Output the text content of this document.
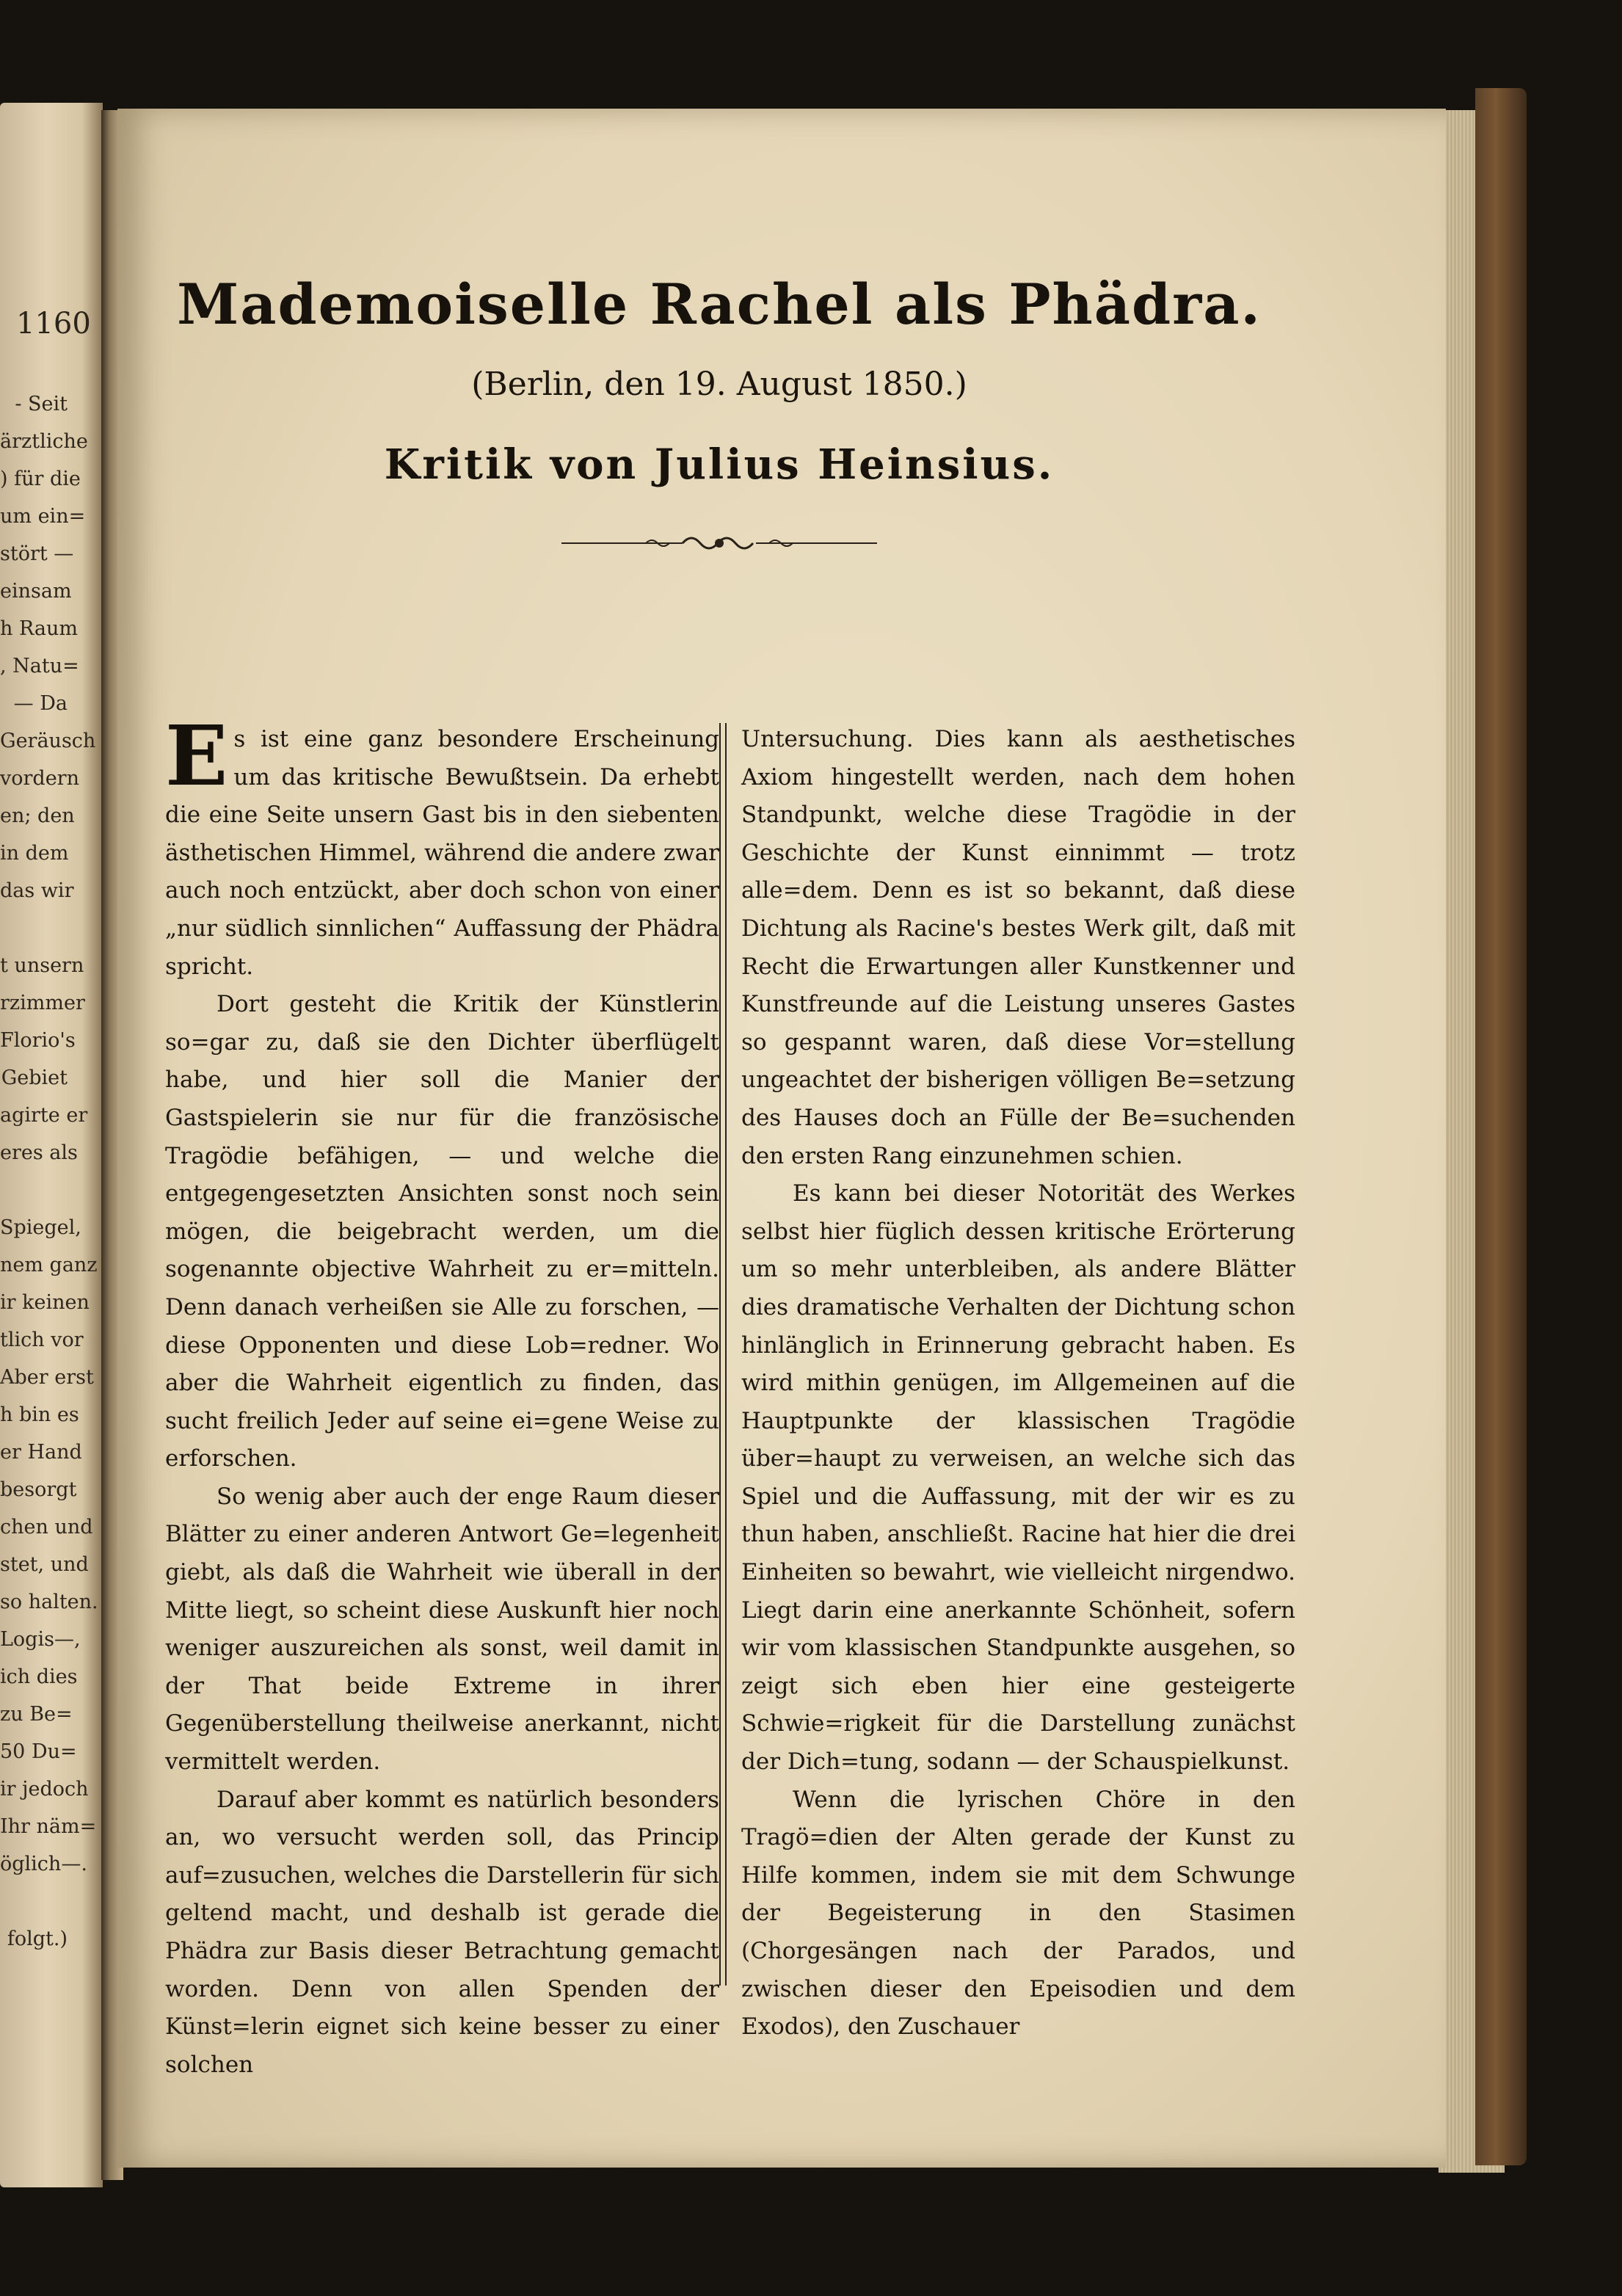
1160
- Seit
ärztliche
) für die
um ein=
stört —
einsam
h Raum
, Natu=
— Da
Geräusch
vordern
en; den
in dem
das wir

t unsern
rzimmer
Florio's
Gebiet
agirte er
eres als

Spiegel,
nem ganz
ir keinen
tlich vor
Aber erst
h bin es
er Hand
besorgt
chen und
stet, und
so halten.
Logis—,
ich dies
zu Be=
50 Du=
ir jedoch
Ihr näm=
öglich—.

folgt.)
Mademoiselle Rachel als Phädra.
(Berlin, den 19. August 1850.)
Kritik von Julius Heinsius.

Es ist eine ganz besondere Erscheinung um das kritische Bewußtsein. Da erhebt die eine Seite unsern Gast bis in den siebenten ästhetischen Himmel, während die andere zwar auch noch entzückt, aber doch schon von einer „nur südlich sinnlichen“ Auffassung der Phädra spricht.

Dort gesteht die Kritik der Künstlerin so=gar zu, daß sie den Dichter überflügelt habe, und hier soll die Manier der Gastspielerin sie nur für die französische Tragödie befähigen, — und welche die entgegengesetzten Ansichten sonst noch sein mögen, die beigebracht werden, um die sogenannte objective Wahrheit zu er=mitteln. Denn danach verheißen sie Alle zu forschen, — diese Opponenten und diese Lob=redner. Wo aber die Wahrheit eigentlich zu finden, das sucht freilich Jeder auf seine ei=gene Weise zu erforschen.

So wenig aber auch der enge Raum dieser Blätter zu einer anderen Antwort Ge=legenheit giebt, als daß die Wahrheit wie überall in der Mitte liegt, so scheint diese Auskunft hier noch weniger auszureichen als sonst, weil damit in der That beide Extreme in ihrer Gegenüberstellung theilweise anerkannt, nicht vermittelt werden.

Darauf aber kommt es natürlich besonders an, wo versucht werden soll, das Princip auf=zusuchen, welches die Darstellerin für sich geltend macht, und deshalb ist gerade die Phädra zur Basis dieser Betrachtung gemacht worden. Denn von allen Spenden der Künst=lerin eignet sich keine besser zu einer solchen

Untersuchung. Dies kann als aesthetisches Axiom hingestellt werden, nach dem hohen Standpunkt, welche diese Tragödie in der Geschichte der Kunst einnimmt — trotz alle=dem. Denn es ist so bekannt, daß diese Dichtung als Racine's bestes Werk gilt, daß mit Recht die Erwartungen aller Kunstkenner und Kunstfreunde auf die Leistung unseres Gastes so gespannt waren, daß diese Vor=stellung ungeachtet der bisherigen völligen Be=setzung des Hauses doch an Fülle der Be=suchenden den ersten Rang einzunehmen schien.

Es kann bei dieser Notorität des Werkes selbst hier füglich dessen kritische Erörterung um so mehr unterbleiben, als andere Blätter dies dramatische Verhalten der Dichtung schon hinlänglich in Erinnerung gebracht haben. Es wird mithin genügen, im Allgemeinen auf die Hauptpunkte der klassischen Tragödie über=haupt zu verweisen, an welche sich das Spiel und die Auffassung, mit der wir es zu thun haben, anschließt. Racine hat hier die drei Einheiten so bewahrt, wie vielleicht nirgendwo. Liegt darin eine anerkannte Schönheit, sofern wir vom klassischen Standpunkte ausgehen, so zeigt sich eben hier eine gesteigerte Schwie=rigkeit für die Darstellung zunächst der Dich=tung, sodann — der Schauspielkunst.

Wenn die lyrischen Chöre in den Tragö=dien der Alten gerade der Kunst zu Hilfe kommen, indem sie mit dem Schwunge der Begeisterung in den Stasimen (Chorgesängen nach der Parados, und zwischen dieser den Epeisodien und dem Exodos), den Zuschauer
